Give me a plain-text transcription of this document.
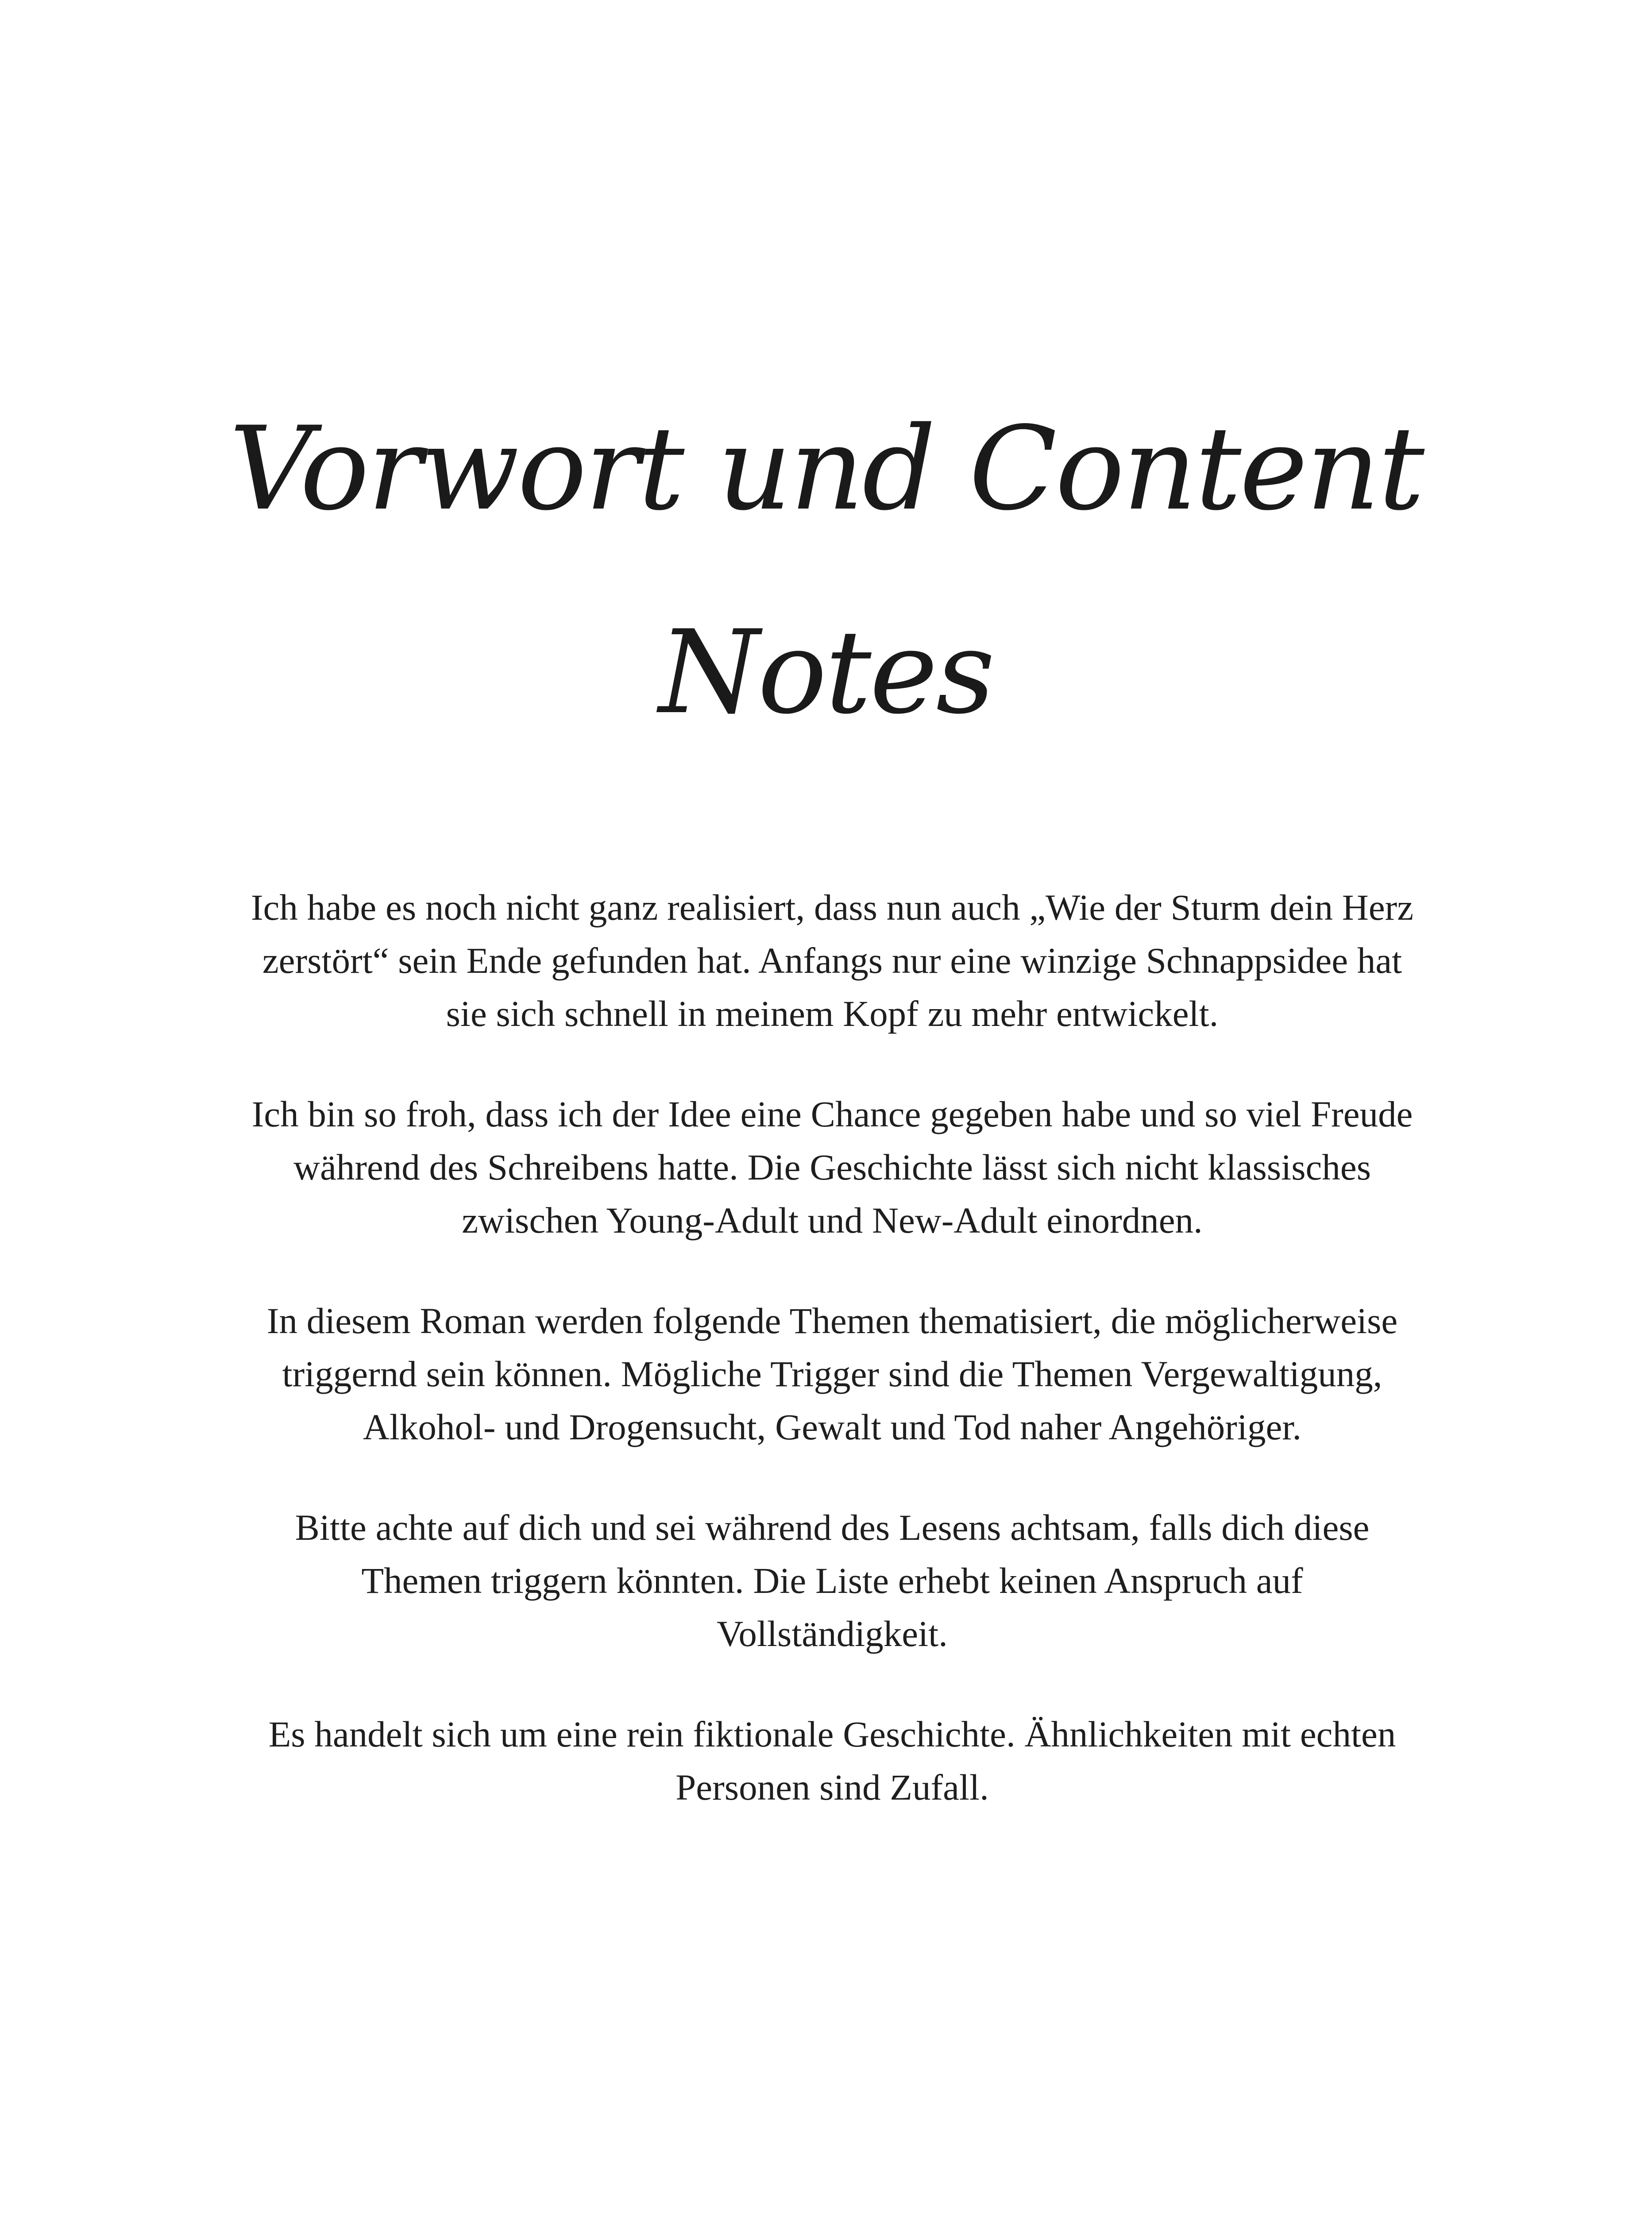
Vorwort und Content
Notes

Ich habe es noch nicht ganz realisiert, dass nun auch „Wie der Sturm dein Herz zerstört“ sein Ende gefunden hat. Anfangs nur eine winzige Schnappsidee hat sie sich schnell in meinem Kopf zu mehr entwickelt.

Ich bin so froh, dass ich der Idee eine Chance gegeben habe und so viel Freude während des Schreibens hatte. Die Geschichte lässt sich nicht klassisches zwischen Young-Adult und New-Adult einordnen.

In diesem Roman werden folgende Themen thematisiert, die möglicherweise triggernd sein können. Mögliche Trigger sind die Themen Vergewaltigung, Alkohol- und Drogensucht, Gewalt und Tod naher Angehöriger.

Bitte achte auf dich und sei während des Lesens achtsam, falls dich diese Themen triggern könnten. Die Liste erhebt keinen Anspruch auf Vollständigkeit.

Es handelt sich um eine rein fiktionale Geschichte. Ähnlichkeiten mit echten Personen sind Zufall.
